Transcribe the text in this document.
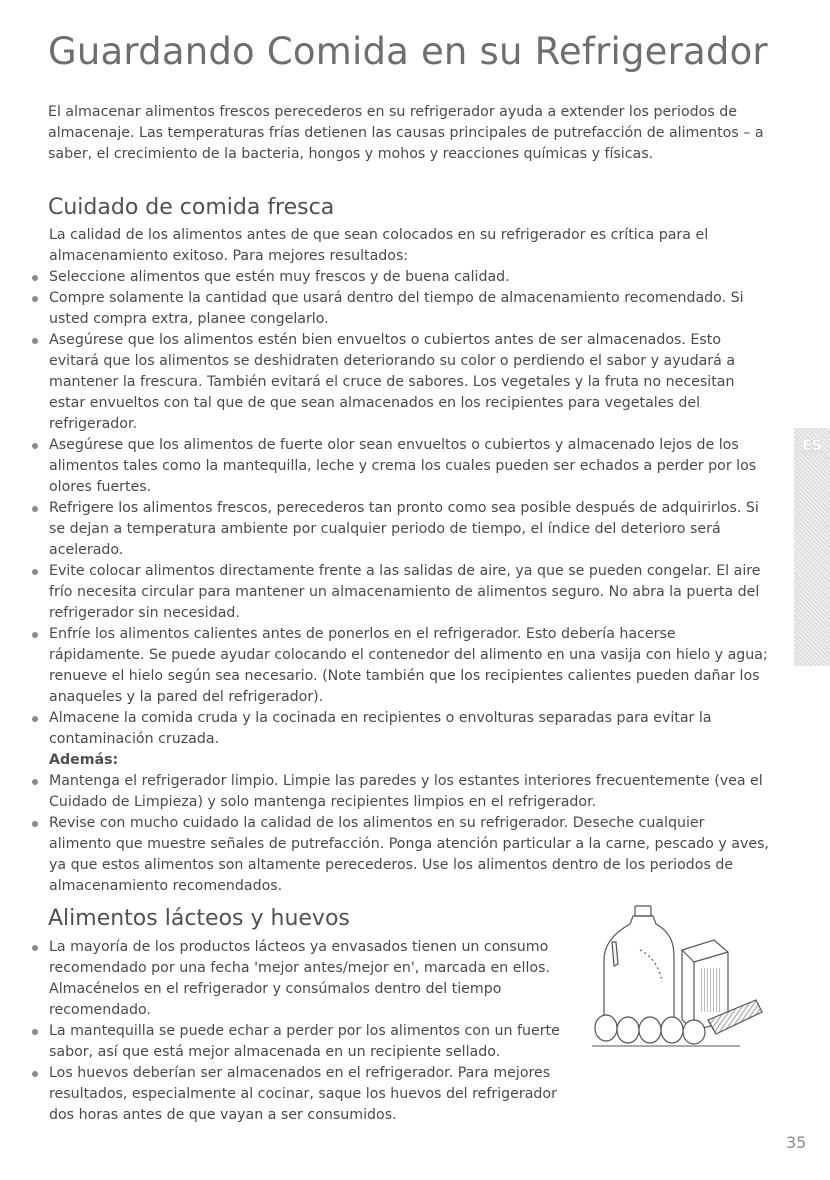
Guardando Comida en su Refrigerador
El almacenar alimentos frescos perecederos en su refrigerador ayuda a extender los periodos de almacenaje. Las temperaturas frías detienen las causas principales de putrefacción de alimentos – a saber, el crecimiento de la bacteria, hongos y mohos y reacciones químicas y físicas.
Cuidado de comida fresca

La calidad de los alimentos antes de que sean colocados en su refrigerador es crítica para el almacenamiento exitoso. Para mejores resultados:

Seleccione alimentos que estén muy frescos y de buena calidad.
Compre solamente la cantidad que usará dentro del tiempo de almacenamiento recomendado. Si usted compra extra, planee congelarlo.
Asegúrese que los alimentos estén bien envueltos o cubiertos antes de ser almacenados. Esto evitará que los alimentos se deshidraten deteriorando su color o perdiendo el sabor y ayudará a mantener la frescura. También evitará el cruce de sabores. Los vegetales y la fruta no necesitan estar envueltos con tal que de que sean almacenados en los recipientes para vegetales del refrigerador.
Asegúrese que los alimentos de fuerte olor sean envueltos o cubiertos y almacenado lejos de los alimentos tales como la mantequilla, leche y crema los cuales pueden ser echados a perder por los olores fuertes.
Refrigere los alimentos frescos, perecederos tan pronto como sea posible después de adquirirlos. Si se dejan a temperatura ambiente por cualquier periodo de tiempo, el índice del deterioro será acelerado.
Evite colocar alimentos directamente frente a las salidas de aire, ya que se pueden congelar. El aire frío necesita circular para mantener un almacenamiento de alimentos seguro. No abra la puerta del refrigerador sin necesidad.
Enfríe los alimentos calientes antes de ponerlos en el refrigerador. Esto debería hacerse rápidamente. Se puede ayudar colocando el contenedor del alimento en una vasija con hielo y agua; renueve el hielo según sea necesario. (Note también que los recipientes calientes pueden dañar los anaqueles y la pared del refrigerador).
Almacene la comida cruda y la cocinada en recipientes o envolturas separadas para evitar la contaminación cruzada.
Además:
Mantenga el refrigerador limpio. Limpie las paredes y los estantes interiores frecuentemente (vea el Cuidado de Limpieza) y solo mantenga recipientes limpios en el refrigerador.
Revise con mucho cuidado la calidad de los alimentos en su refrigerador. Deseche cualquier alimento que muestre señales de putrefacción. Ponga atención particular a la carne, pescado y aves, ya que estos alimentos son altamente perecederos. Use los alimentos dentro de los periodos de almacenamiento recomendados.
ES
Alimentos lácteos y huevos
La mayoría de los productos lácteos ya envasados tienen un consumo recomendado por una fecha 'mejor antes/mejor en', marcada en ellos. Almacénelos en el refrigerador y consúmalos dentro del tiempo recomendado.
La mantequilla se puede echar a perder por los alimentos con un fuerte sabor, así que está mejor almacenada en un recipiente sellado.
Los huevos deberían ser almacenados en el refrigerador. Para mejores resultados, especialmente al cocinar, saque los huevos del refrigerador dos horas antes de que vayan a ser consumidos.
35
